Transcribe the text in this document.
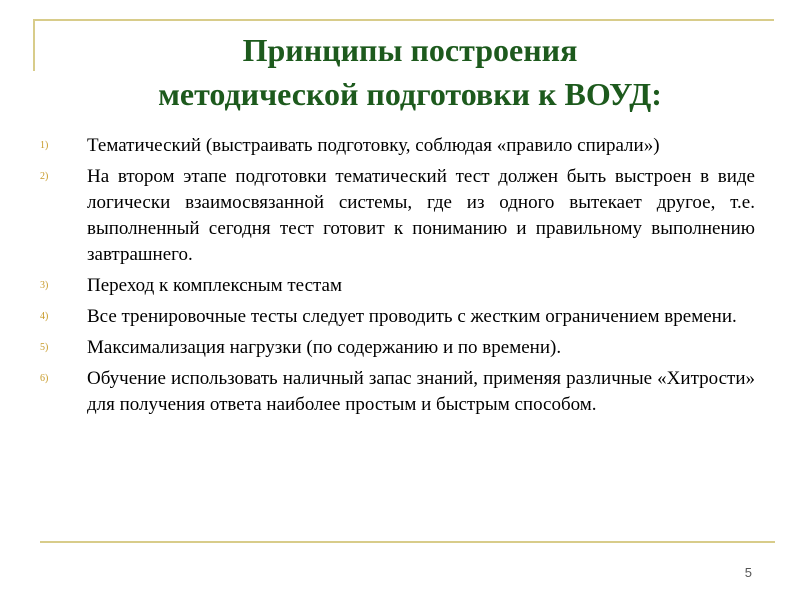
Принципы построения
методической подготовки к ВОУД:
1) Тематический (выстраивать подготовку, соблюдая «правило спирали»)
2) На втором этапе подготовки тематический тест должен быть выстроен в виде логически взаимосвязанной системы, где из одного вытекает другое, т.е. выполненный сегодня тест готовит к пониманию и правильному выполнению завтрашнего.
3) Переход к комплексным тестам
4) Все тренировочные тесты следует проводить с жестким ограничением времени.
5) Максимализация нагрузки (по содержанию и по времени).
6) Обучение использовать наличный запас знаний, применяя различные «Хитрости» для получения ответа наиболее простым и быстрым способом.
5
